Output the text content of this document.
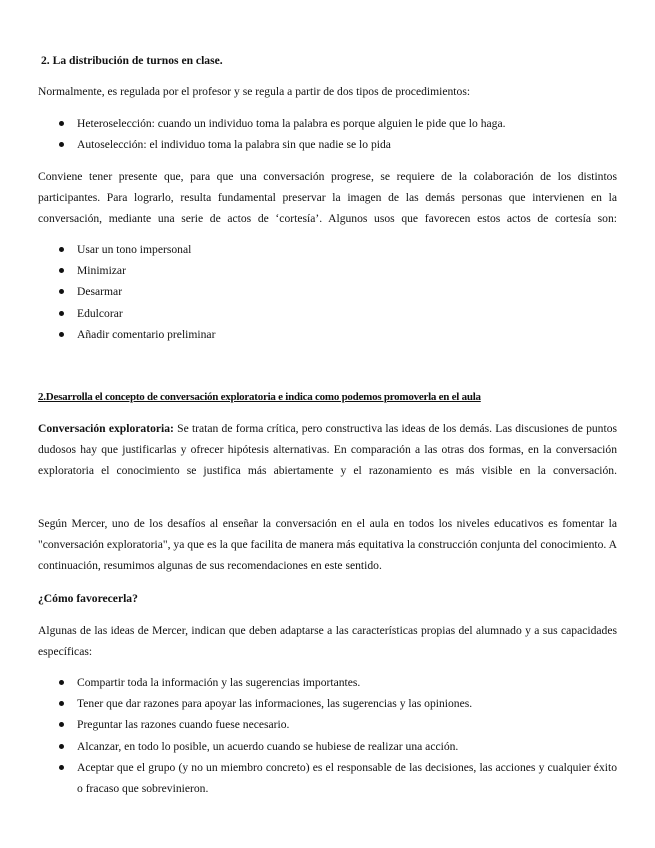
2. La distribución de turnos en clase.

Normalmente, es regulada por el profesor y se regula a partir de dos tipos de procedimientos:

Heteroselección: cuando un individuo toma la palabra es porque alguien le pide que lo haga.
Autoselección: el individuo toma la palabra sin que nadie se lo pida

Conviene tener presente que, para que una conversación progrese, se requiere de la colaboración de los distintos participantes. Para lograrlo, resulta fundamental preservar la imagen de las demás personas que intervienen en la conversación, mediante una serie de actos de ‘cortesía’. Algunos usos que favorecen estos actos de cortesía son:

Usar un tono impersonal
Minimizar
Desarmar
Edulcorar
Añadir comentario preliminar
2.Desarrolla el concepto de conversación exploratoria e indica como podemos promoverla en el aula

Conversación exploratoria: Se tratan de forma crítica, pero constructiva las ideas de los demás. Las discusiones de puntos dudosos hay que justificarlas y ofrecer hipótesis alternativas. En comparación a las otras dos formas, en la conversación exploratoria el conocimiento se justifica más abiertamente y el razonamiento es más visible en la conversación.

Según Mercer, uno de los desafíos al enseñar la conversación en el aula en todos los niveles educativos es fomentar la "conversación exploratoria", ya que es la que facilita de manera más equitativa la construcción conjunta del conocimiento. A continuación, resumimos algunas de sus recomendaciones en este sentido.

¿Cómo favorecerla?

Algunas de las ideas de Mercer, indican que deben adaptarse a las características propias del alumnado y a sus capacidades específicas:

Compartir toda la información y las sugerencias importantes.
Tener que dar razones para apoyar las informaciones, las sugerencias y las opiniones.
Preguntar las razones cuando fuese necesario.
Alcanzar, en todo lo posible, un acuerdo cuando se hubiese de realizar una acción.
Aceptar que el grupo (y no un miembro concreto) es el responsable de las decisiones, las acciones y cualquier éxito o fracaso que sobrevinieron.
